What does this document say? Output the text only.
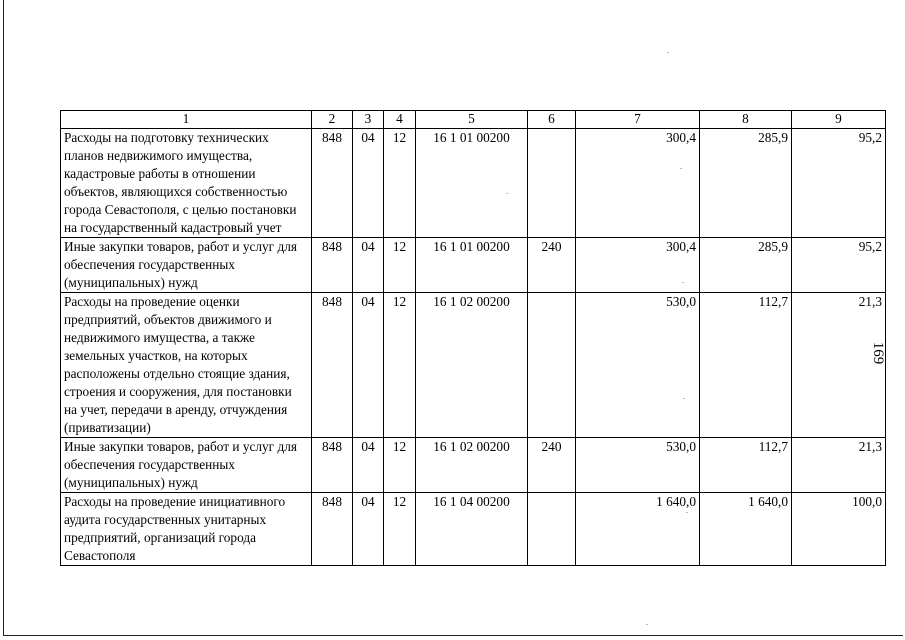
1	2	3	4	5	6	7	8	9
Расходы на подготовку технических планов недвижимого имущества, кадастровые работы в отношении объектов, являющихся собственностью города Севастополя, с целью постановки на государственный кадастровый учет	848	04	12	16 1 01 00200		300,4	285,9	95,2
Иные закупки товаров, работ и услуг для обеспечения государственных (муниципальных) нужд	848	04	12	16 1 01 00200	240	300,4	285,9	95,2
Расходы на проведение оценки предприятий, объектов движимого и недвижимого имущества, а также земельных участков, на которых расположены отдельно стоящие здания, строения и сооружения, для постановки на учет, передачи в аренду, отчуждения (приватизации)	848	04	12	16 1 02 00200		530,0	112,7	21,3
Иные закупки товаров, работ и услуг для обеспечения государственных (муниципальных) нужд	848	04	12	16 1 02 00200	240	530,0	112,7	21,3
Расходы на проведение инициативного аудита государственных унитарных предприятий, организаций города Севастополя	848	04	12	16 1 04 00200		1 640,0	1 640,0	100,0
169
